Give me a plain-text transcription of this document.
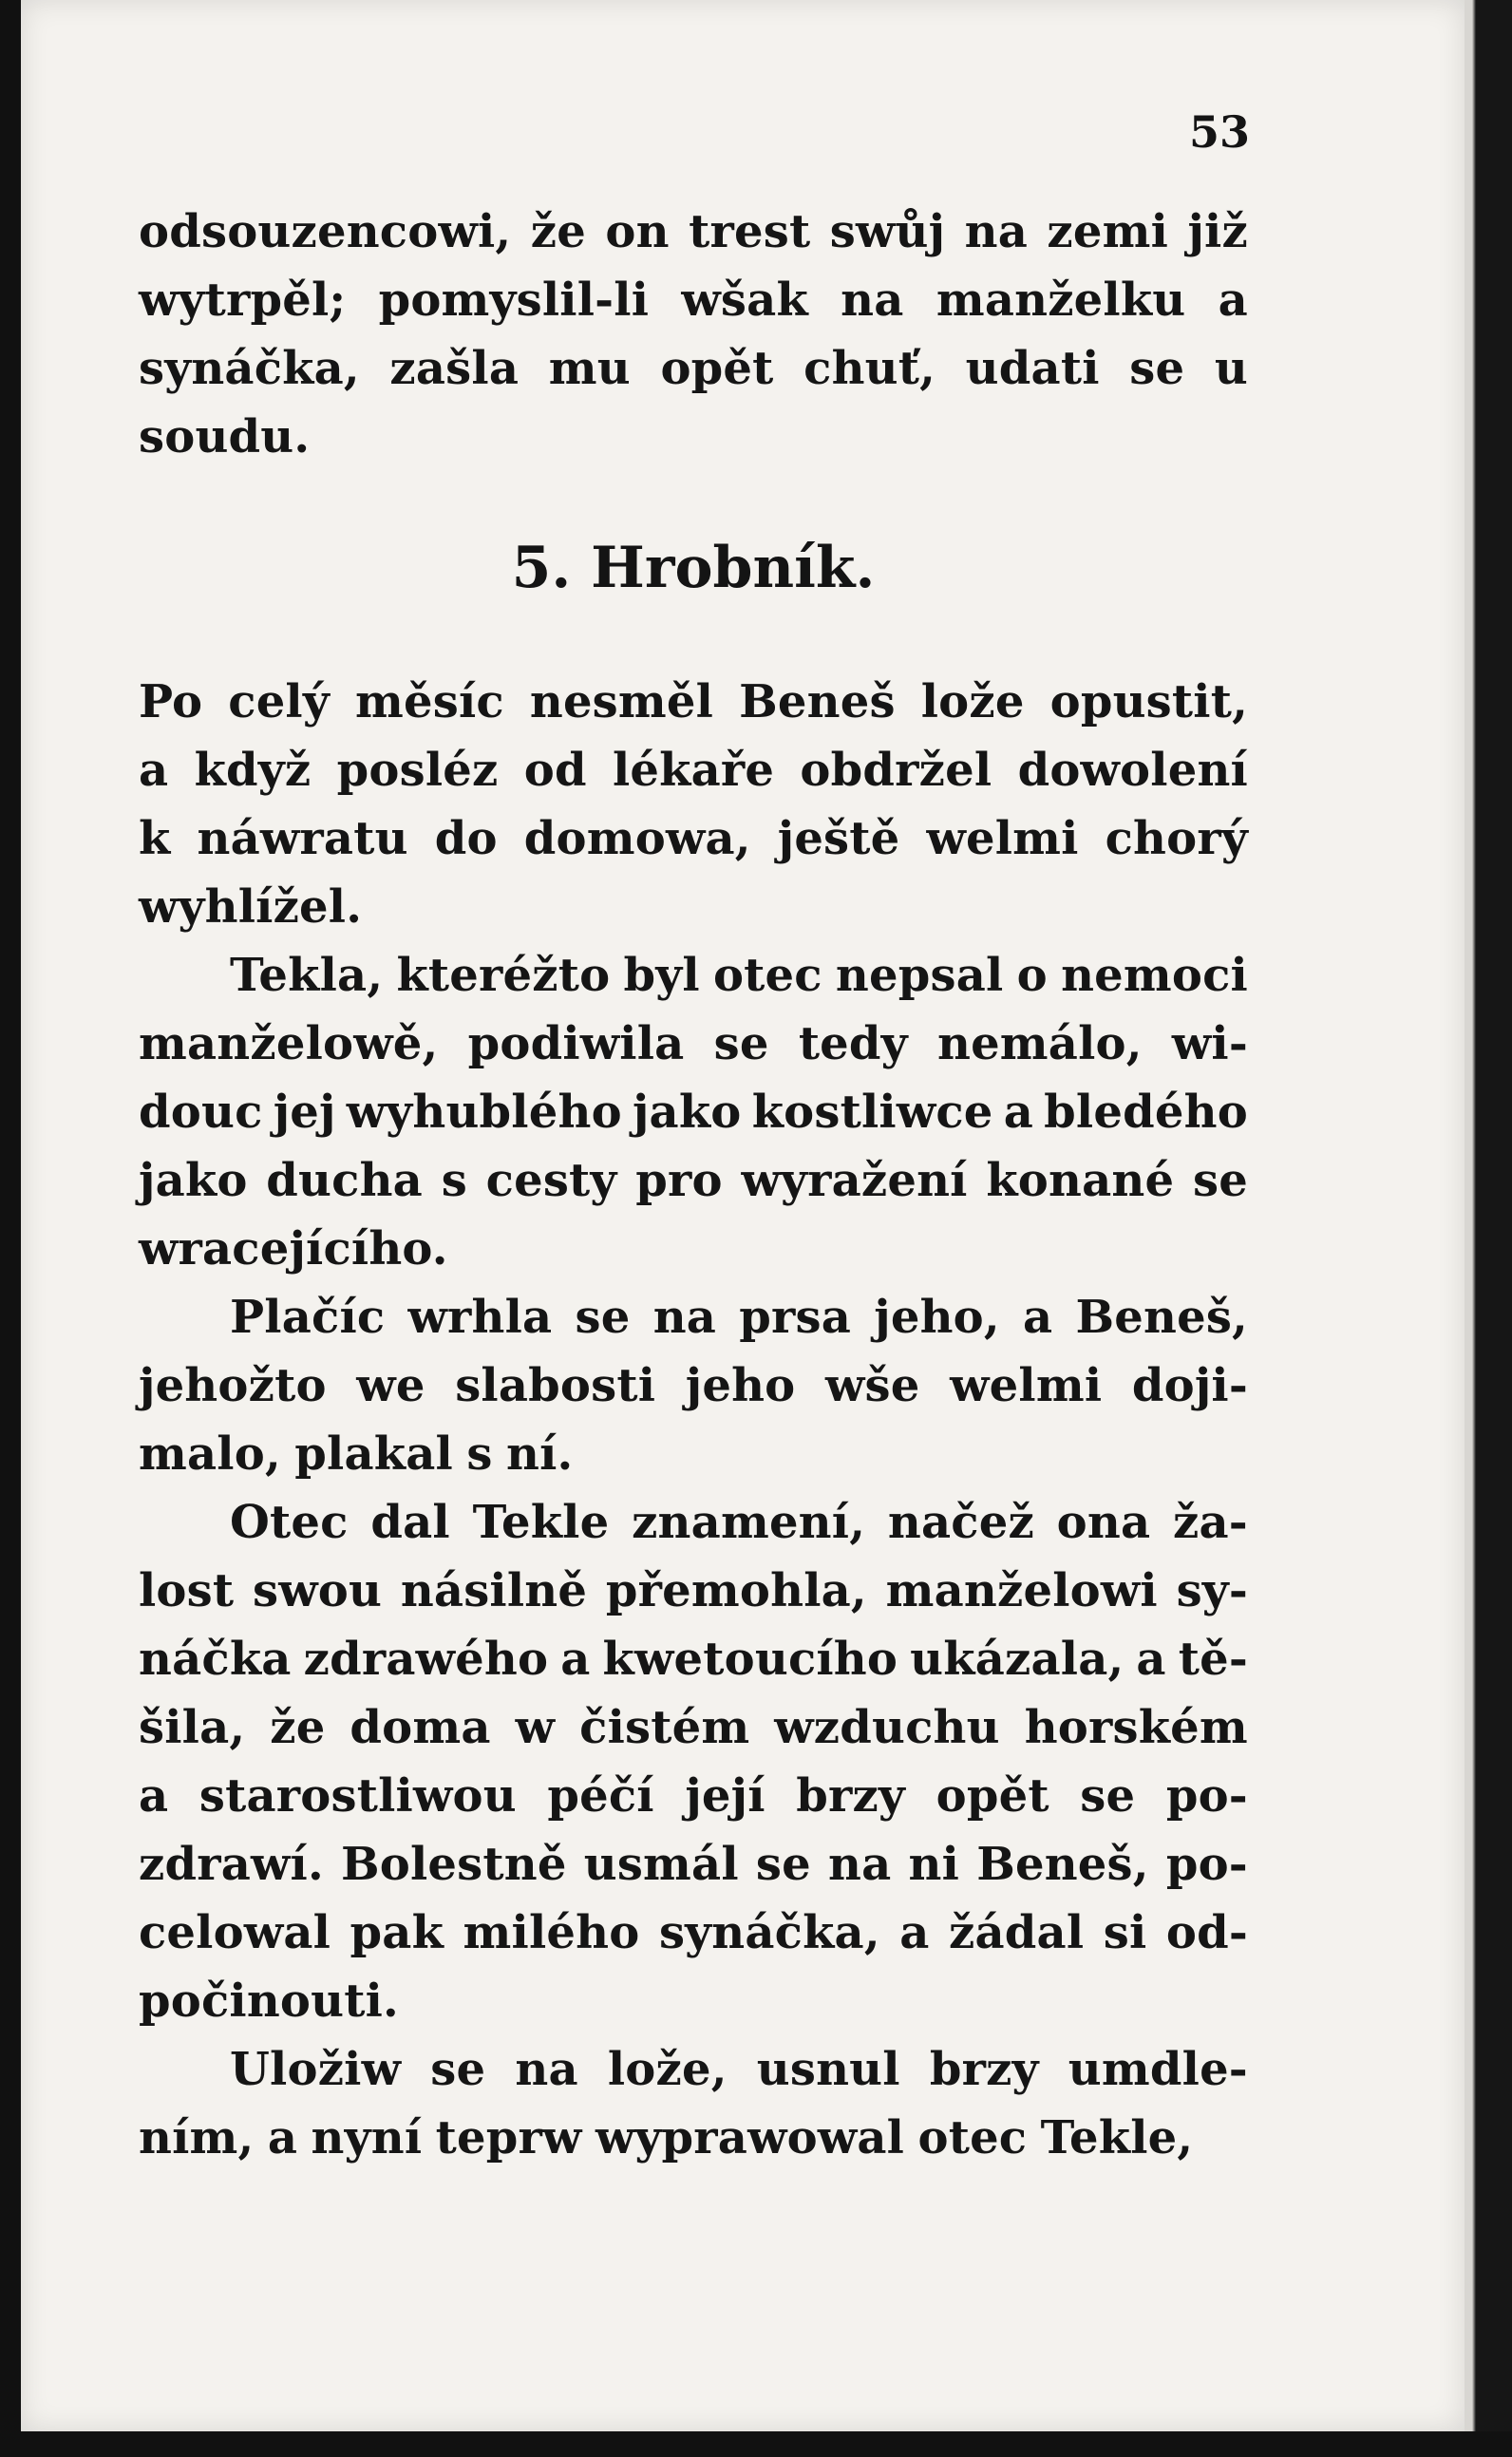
53
odsouzencowi, že on trest swůj na zemi již
wytrpěl; pomyslil-li wšak na manželku a
synáčka, zašla mu opět chuť, udati se u
soudu.
5. Hrobník.
Po celý měsíc nesměl Beneš lože opustit,
a když posléz od lékaře obdržel dowolení
k náwratu do domowa, ještě welmi chorý
wyhlížel.
Tekla, kteréžto byl otec nepsal o nemoci
manželowě, podiwila se tedy nemálo, wi-
douc jej wyhublého jako kostliwce a bledého
jako ducha s cesty pro wyražení konané se
wracejícího.
Plačíc wrhla se na prsa jeho, a Beneš,
jehožto we slabosti jeho wše welmi doji-
malo, plakal s ní.
Otec dal Tekle znamení, načež ona ža-
lost swou násilně přemohla, manželowi sy-
náčka zdrawého a kwetoucího ukázala, a tě-
šila, že doma w čistém wzduchu horském
a starostliwou péčí její brzy opět se po-
zdrawí. Bolestně usmál se na ni Beneš, po-
celowal pak milého synáčka, a žádal si od-
počinouti.
Uložiw se na lože, usnul brzy umdle-
ním, a nyní teprw wyprawowal otec Tekle,
